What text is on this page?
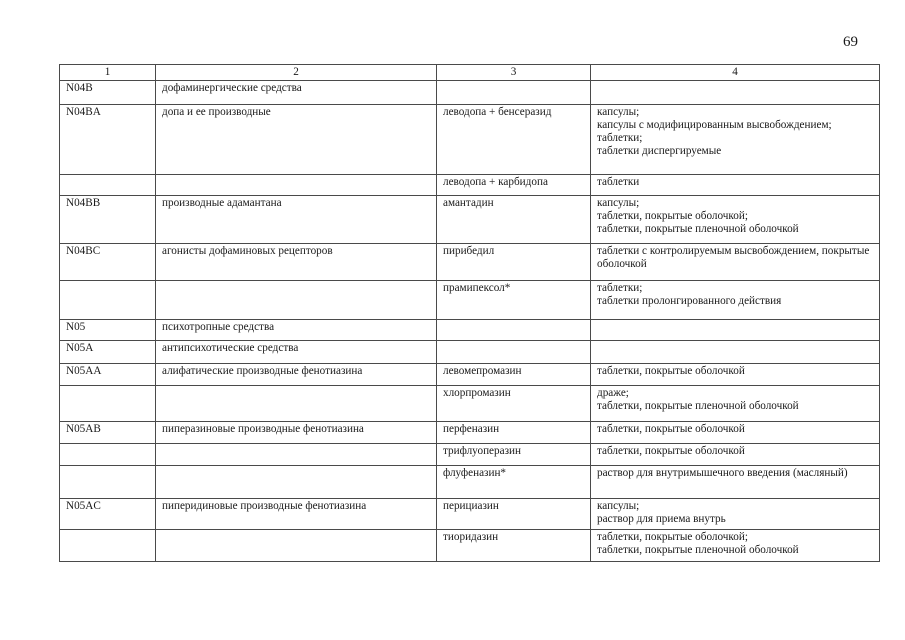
69
1	2	3	4
N04B	дофаминергические средства		
N04BA	допа и ее производные	леводопа + бенсеразид	капсулы;
капсулы с модифицированным высвобождением;
таблетки;
таблетки диспергируемые

		леводопа + карбидопа	таблетки

N04BB	производные адамантана	амантадин	капсулы;
таблетки, покрытые оболочкой;
таблетки, покрытые пленочной оболочкой

N04BC	агонисты дофаминовых рецепторов	пирибедил	таблетки с контролируемым высвобождением, покрытые оболочкой

		прамипексол*	таблетки;
таблетки пролонгированного действия

N05	психотропные средства		
N05A	антипсихотические средства		
N05AA	алифатические производные фенотиазина	левомепромазин	таблетки, покрытые оболочкой

		хлорпромазин	драже;
таблетки, покрытые пленочной оболочкой

N05AB	пиперазиновые производные фенотиазина	перфеназин	таблетки, покрытые оболочкой

		трифлуоперазин	таблетки, покрытые оболочкой

		флуфеназин*	раствор для внутримышечного введения (масляный)

N05AC	пиперидиновые производные фенотиазина	перициазин	капсулы;
раствор для приема внутрь

		тиоридазин	таблетки, покрытые оболочкой;
таблетки, покрытые пленочной оболочкой
